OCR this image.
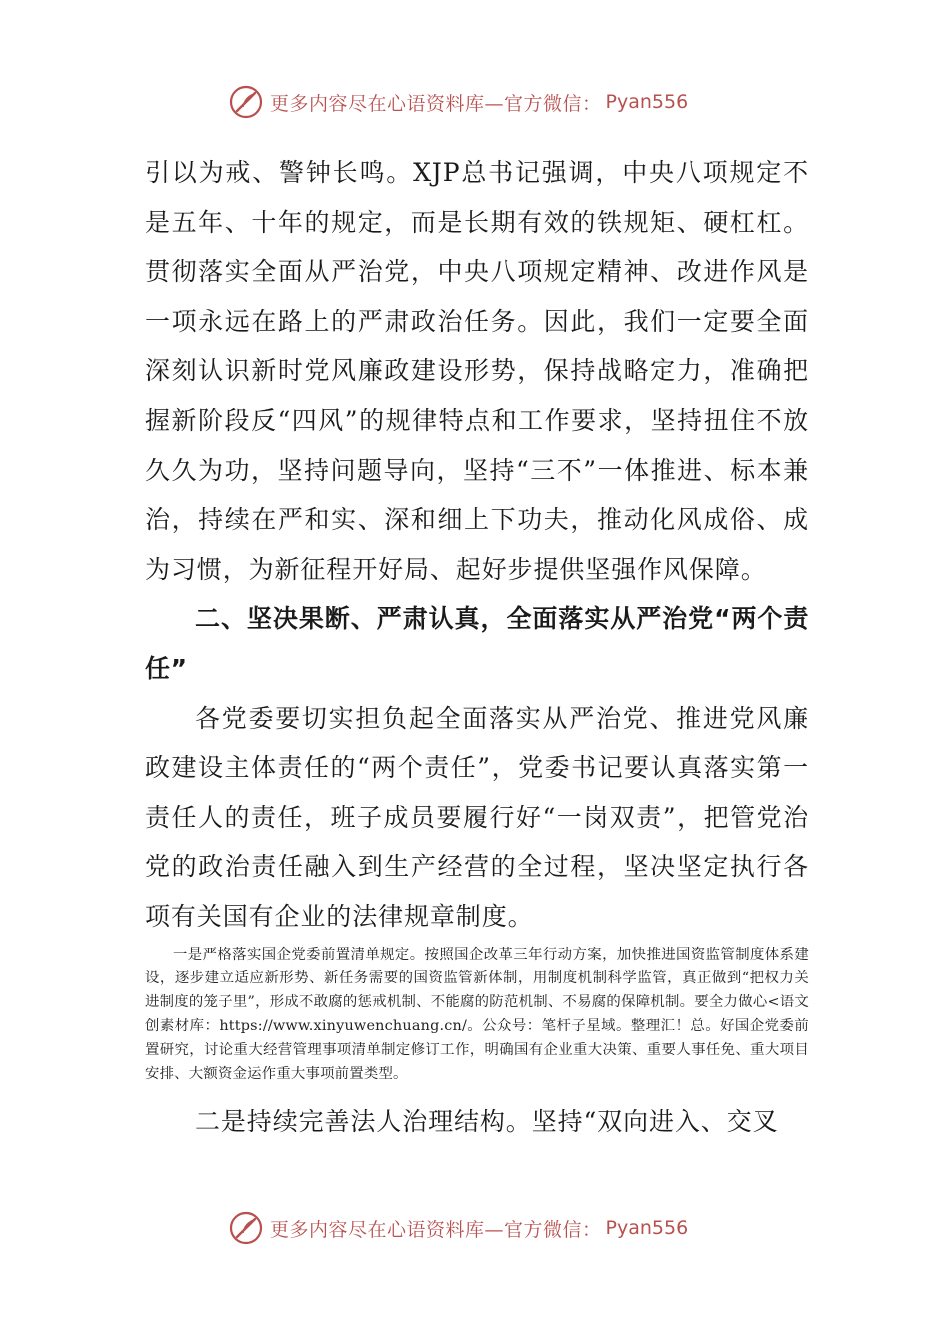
更多内容尽在心语资料库—官方微信： Pyan556

引以为戒、警钟长鸣。XJP总书记强调，中央八项规定不是五年、十年的规定，而是长期有效的铁规矩、硬杠杠。贯彻落实全面从严治党，中央八项规定精神、改进作风是一项永远在路上的严肃政治任务。因此，我们一定要全面深刻认识新时党风廉政建设形势，保持战略定力，准确把握新阶段反“四风”的规律特点和工作要求，坚持扭住不放久久为功，坚持问题导向，坚持“三不”一体推进、标本兼治，持续在严和实、深和细上下功夫，推动化风成俗、成为习惯，为新征程开好局、起好步提供坚强作风保障。

二、坚决果断、严肃认真，全面落实从严治党“两个责任”

各党委要切实担负起全面落实从严治党、推进党风廉政建设主体责任的“两个责任”，党委书记要认真落实第一责任人的责任，班子成员要履行好“一岗双责”，把管党治党的政治责任融入到生产经营的全过程，坚决坚定执行各项有关国有企业的法律规章制度。

一是严格落实国企党委前置清单规定。按照国企改革三年行动方案，加快推进国资监管制度体系建设，逐步建立适应新形势、新任务需要的国资监管新体制，用制度机制科学监管，真正做到“把权力关进制度的笼子里”，形成不敢腐的惩戒机制、不能腐的防范机制、不易腐的保障机制。要全力做心<语文创素材库：https://www.xinyuwenchuang.cn/。公众号：笔杆子星域。整理汇！总。好国企党委前置研究，讨论重大经营管理事项清单制定修订工作，明确国有企业重大决策、重要人事任免、重大项目安排、大额资金运作重大事项前置类型。

二是持续完善法人治理结构。坚持“双向进入、交叉

更多内容尽在心语资料库—官方微信： Pyan556
